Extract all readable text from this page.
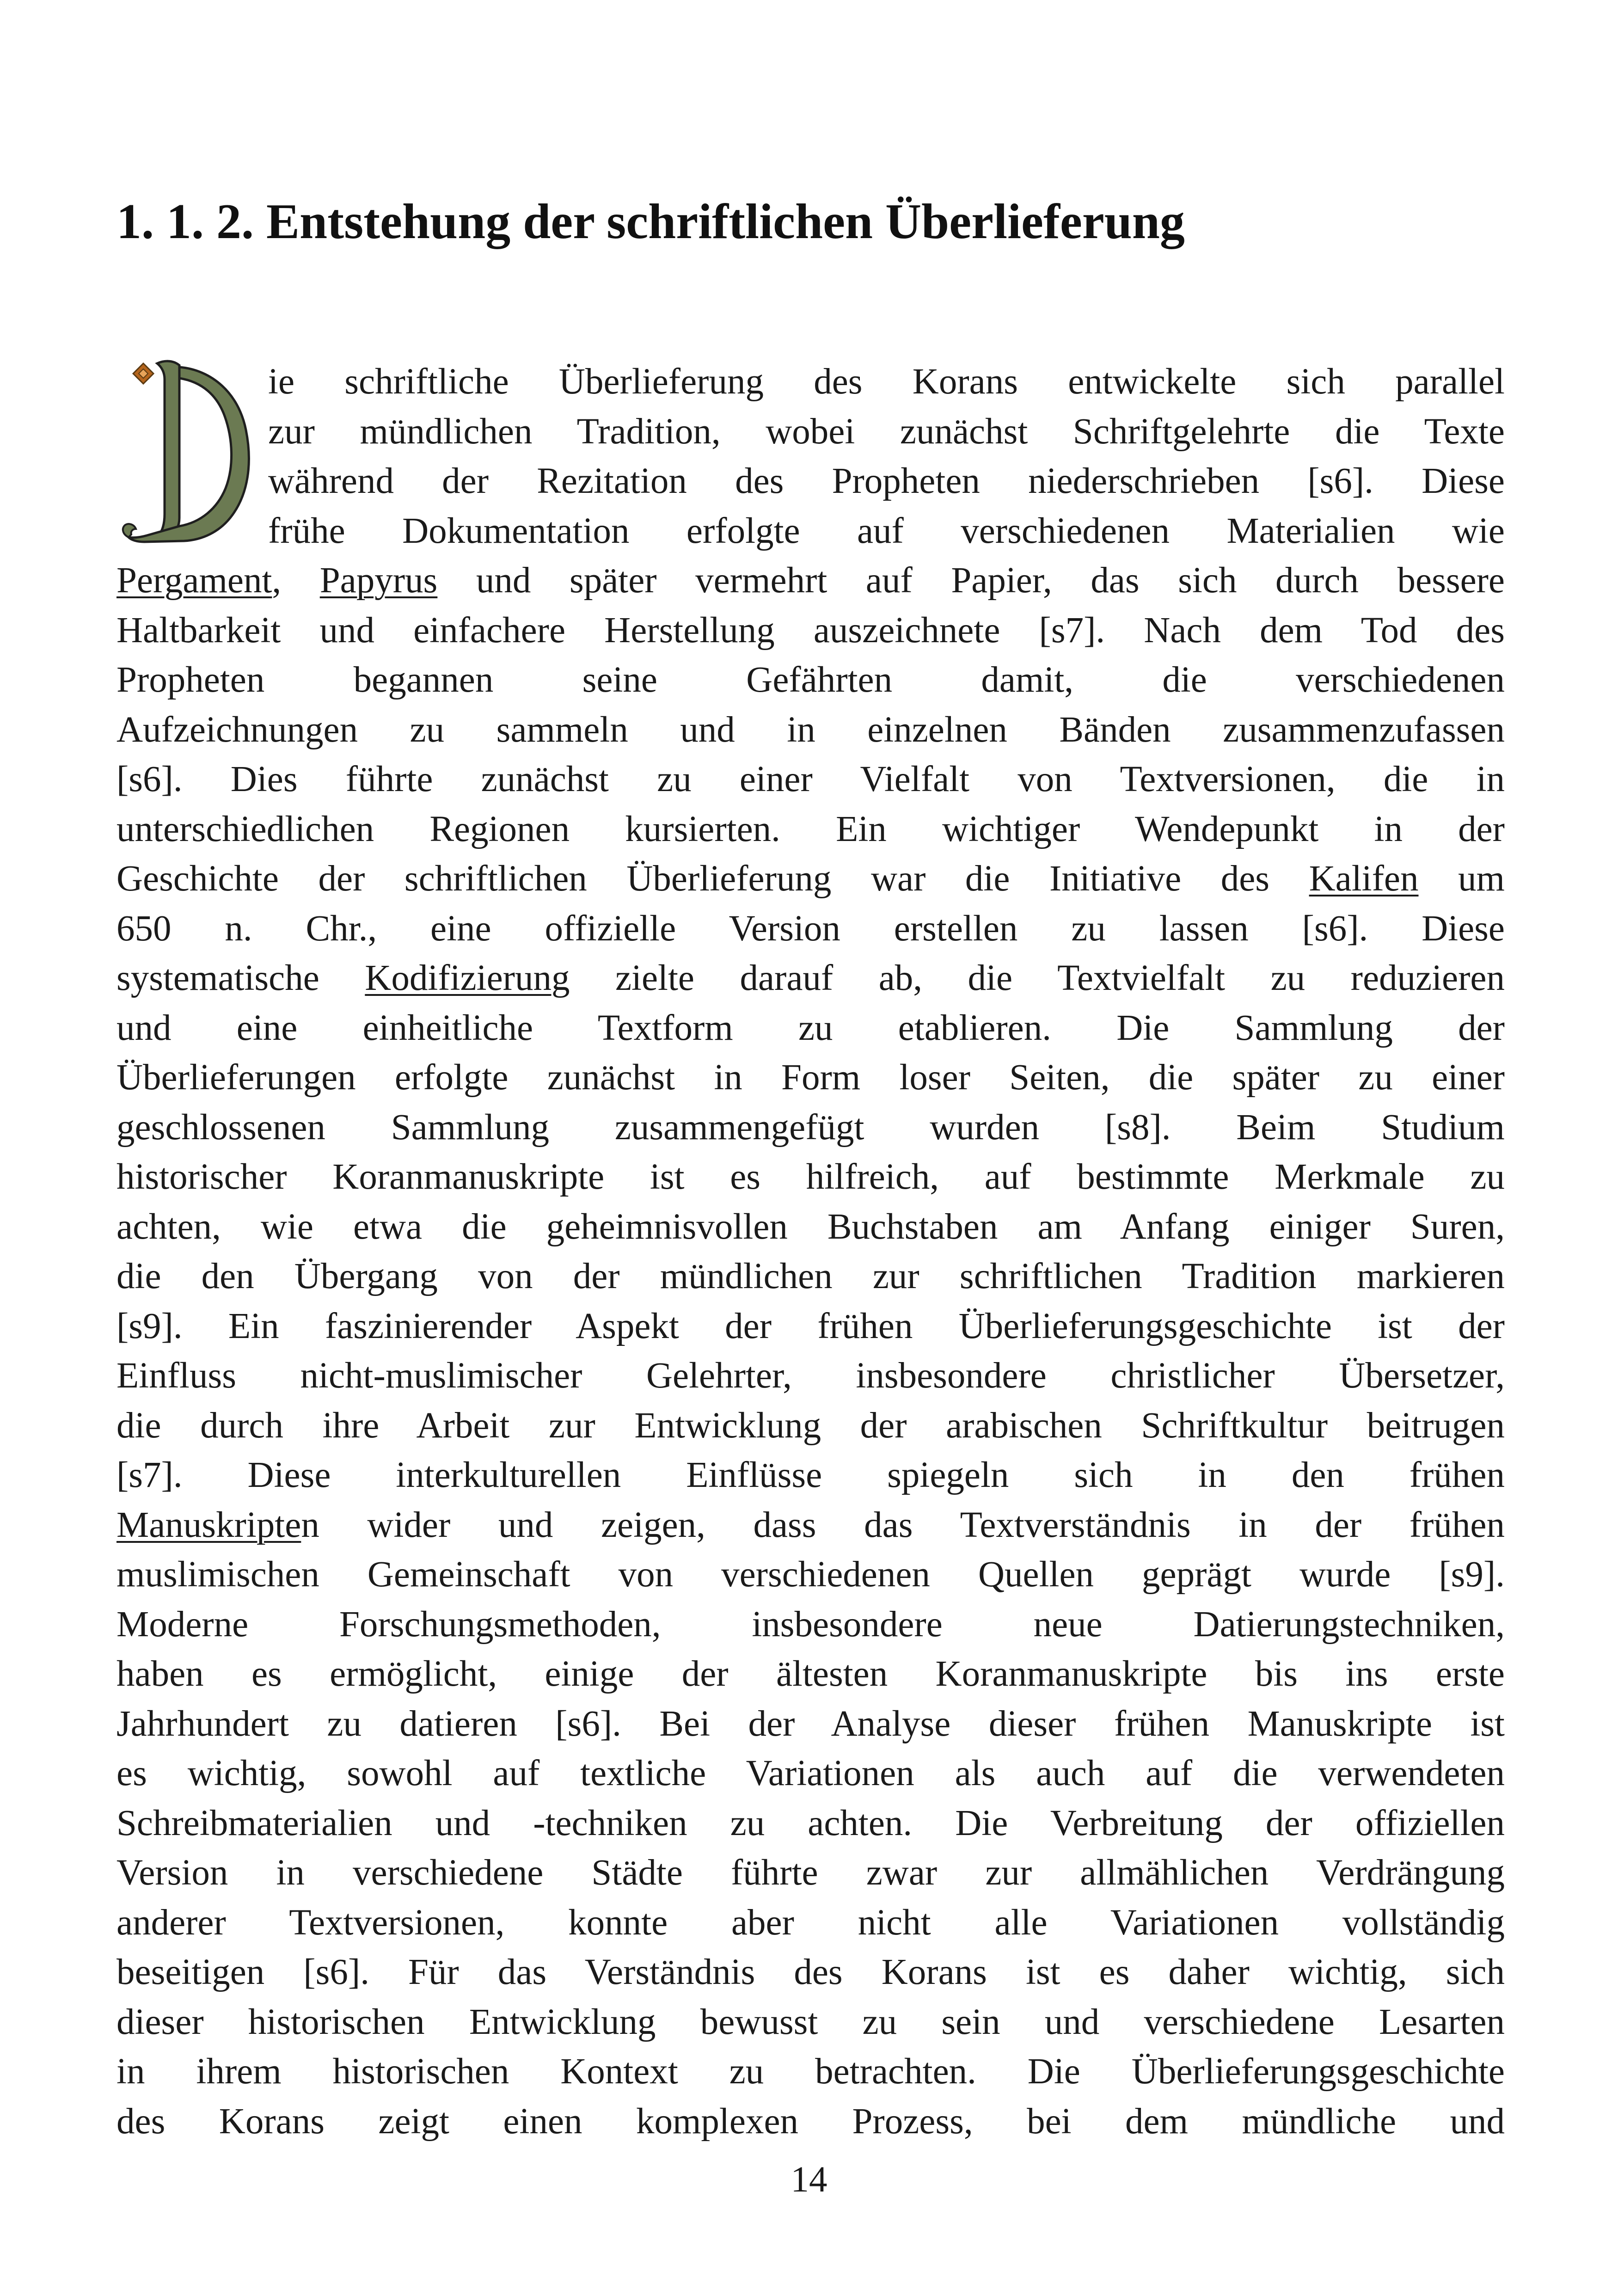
1. 1. 2. Entstehung der schriftlichen Überlieferung
ie schriftliche Überlieferung des Korans entwickelte sich parallel
zur mündlichen Tradition, wobei zunächst Schriftgelehrte die Texte
während der Rezitation des Propheten niederschrieben [s6]. Diese
frühe Dokumentation erfolgte auf verschiedenen Materialien wie
Pergament, Papyrus und später vermehrt auf Papier, das sich durch bessere
Haltbarkeit und einfachere Herstellung auszeichnete [s7]. Nach dem Tod des
Propheten begannen seine Gefährten damit, die verschiedenen
Aufzeichnungen zu sammeln und in einzelnen Bänden zusammenzufassen
[s6]. Dies führte zunächst zu einer Vielfalt von Textversionen, die in
unterschiedlichen Regionen kursierten. Ein wichtiger Wendepunkt in der
Geschichte der schriftlichen Überlieferung war die Initiative des Kalifen um
650 n. Chr., eine offizielle Version erstellen zu lassen [s6]. Diese
systematische Kodifizierung zielte darauf ab, die Textvielfalt zu reduzieren
und eine einheitliche Textform zu etablieren. Die Sammlung der
Überlieferungen erfolgte zunächst in Form loser Seiten, die später zu einer
geschlossenen Sammlung zusammengefügt wurden [s8]. Beim Studium
historischer Koranmanuskripte ist es hilfreich, auf bestimmte Merkmale zu
achten, wie etwa die geheimnisvollen Buchstaben am Anfang einiger Suren,
die den Übergang von der mündlichen zur schriftlichen Tradition markieren
[s9]. Ein faszinierender Aspekt der frühen Überlieferungsgeschichte ist der
Einfluss nicht-muslimischer Gelehrter, insbesondere christlicher Übersetzer,
die durch ihre Arbeit zur Entwicklung der arabischen Schriftkultur beitrugen
[s7]. Diese interkulturellen Einflüsse spiegeln sich in den frühen
Manuskripten wider und zeigen, dass das Textverständnis in der frühen
muslimischen Gemeinschaft von verschiedenen Quellen geprägt wurde [s9].
Moderne Forschungsmethoden, insbesondere neue Datierungstechniken,
haben es ermöglicht, einige der ältesten Koranmanuskripte bis ins erste
Jahrhundert zu datieren [s6]. Bei der Analyse dieser frühen Manuskripte ist
es wichtig, sowohl auf textliche Variationen als auch auf die verwendeten
Schreibmaterialien und -techniken zu achten. Die Verbreitung der offiziellen
Version in verschiedene Städte führte zwar zur allmählichen Verdrängung
anderer Textversionen, konnte aber nicht alle Variationen vollständig
beseitigen [s6]. Für das Verständnis des Korans ist es daher wichtig, sich
dieser historischen Entwicklung bewusst zu sein und verschiedene Lesarten
in ihrem historischen Kontext zu betrachten. Die Überlieferungsgeschichte
des Korans zeigt einen komplexen Prozess, bei dem mündliche und
14
